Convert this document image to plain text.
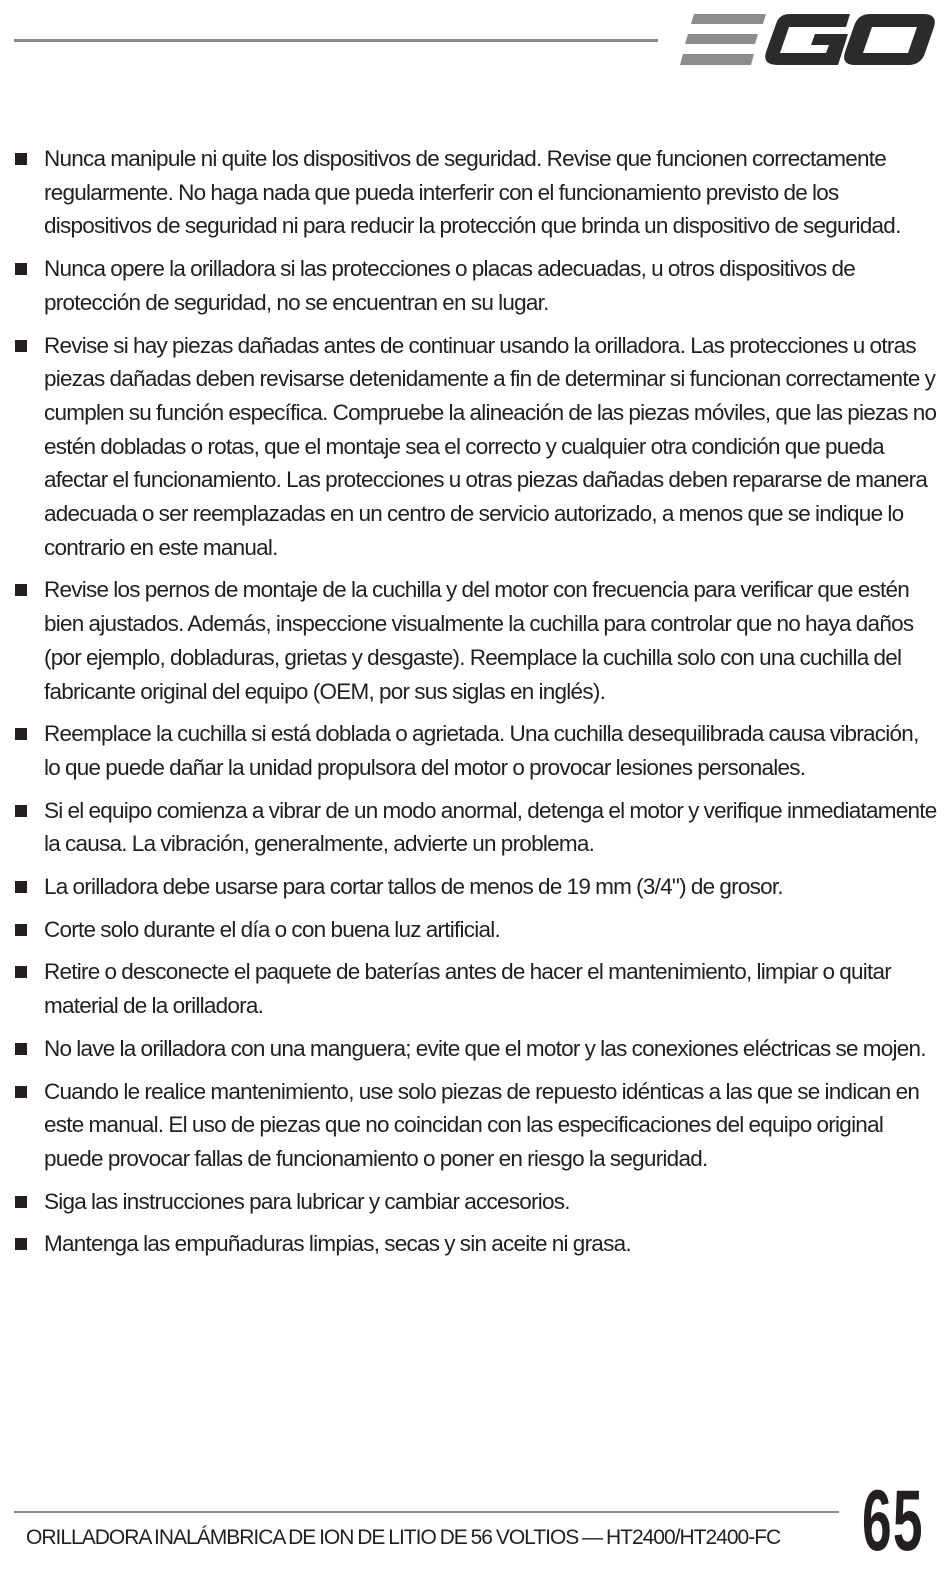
Nunca manipule ni quite los dispositivos de seguridad. Revise que funcionen correctamente regularmente. No haga nada que pueda interferir con el funcionamiento previsto de los dispositivos de seguridad ni para reducir la protección que brinda un dispositivo de seguridad.
Nunca opere la orilladora si las protecciones o placas adecuadas, u otros dispositivos de protección de seguridad, no se encuentran en su lugar.
Revise si hay piezas dañadas antes de continuar usando la orilladora. Las protecciones u otras piezas dañadas deben revisarse detenidamente a fin de determinar si funcionan correctamente y cumplen su función específica. Compruebe la alineación de las piezas móviles, que las piezas no estén dobladas o rotas, que el montaje sea el correcto y cualquier otra condición que pueda afectar el funcionamiento. Las protecciones u otras piezas dañadas deben repararse de manera adecuada o ser reemplazadas en un centro de servicio autorizado, a menos que se indique lo contrario en este manual.
Revise los pernos de montaje de la cuchilla y del motor con frecuencia para verificar que estén bien ajustados. Además, inspeccione visualmente la cuchilla para controlar que no haya daños (por ejemplo, dobladuras, grietas y desgaste). Reemplace la cuchilla solo con una cuchilla del fabricante original del equipo (OEM, por sus siglas en inglés).
Reemplace la cuchilla si está doblada o agrietada. Una cuchilla desequilibrada causa vibración, lo que puede dañar la unidad propulsora del motor o provocar lesiones personales.
Si el equipo comienza a vibrar de un modo anormal, detenga el motor y verifique inmediatamente la causa. La vibración, generalmente, advierte un problema.
La orilladora debe usarse para cortar tallos de menos de 19 mm (3/4") de grosor.
Corte solo durante el día o con buena luz artificial.
Retire o desconecte el paquete de baterías antes de hacer el mantenimiento, limpiar o quitar material de la orilladora.
No lave la orilladora con una manguera; evite que el motor y las conexiones eléctricas se mojen.
Cuando le realice mantenimiento, use solo piezas de repuesto idénticas a las que se indican en este manual. El uso de piezas que no coincidan con las especificaciones del equipo original puede provocar fallas de funcionamiento o poner en riesgo la seguridad.
Siga las instrucciones para lubricar y cambiar accesorios.
Mantenga las empuñaduras limpias, secas y sin aceite ni grasa.
ORILLADORA INALÁMBRICA DE ION DE LITIO DE 56 VOLTIOS — HT2400/HT2400-FC 65
